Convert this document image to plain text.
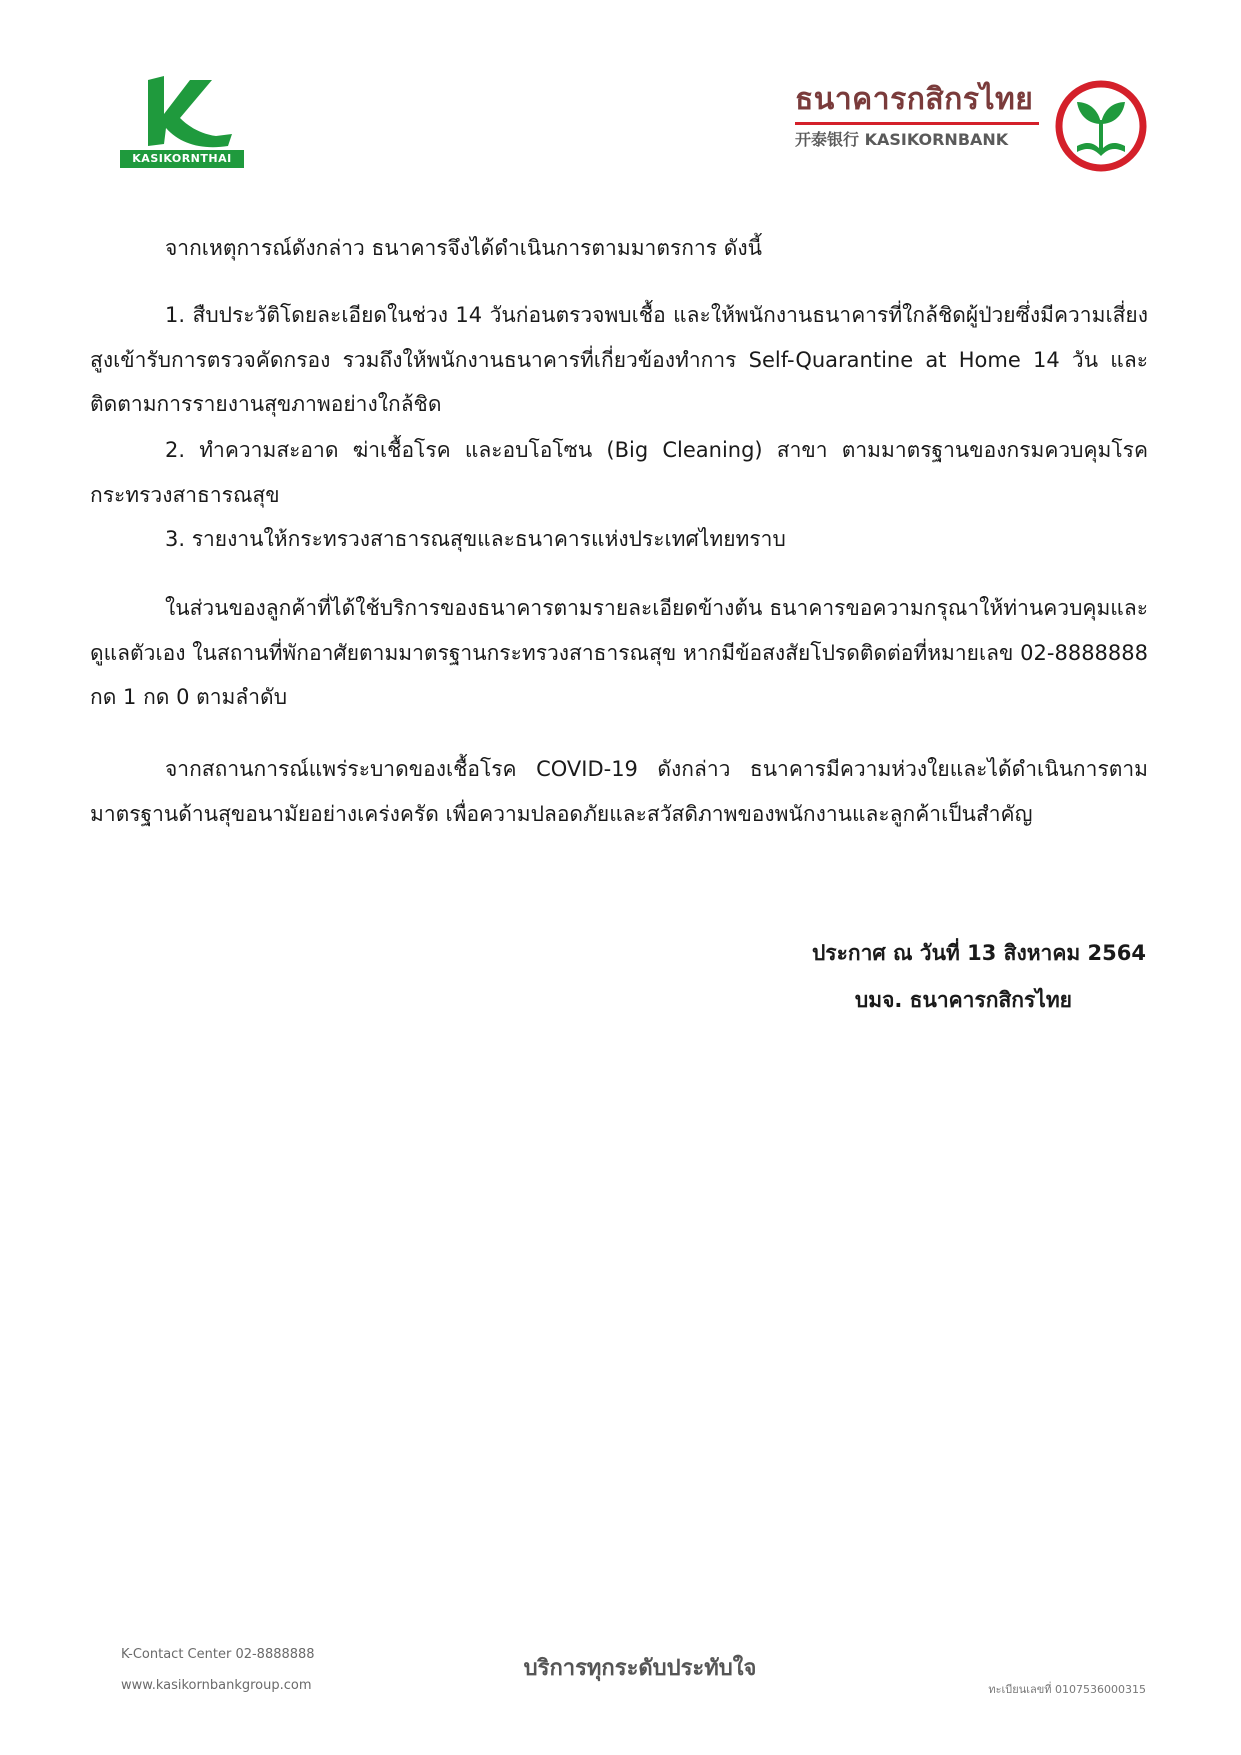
KASIKORNTHAI
ธนาคารกสิกรไทย
开泰银行 KASIKORNBANK

จากเหตุการณ์ดังกล่าว ธนาคารจึงได้ดำเนินการตามมาตรการ ดังนี้

1. สืบประวัติโดยละเอียดในช่วง 14 วันก่อนตรวจพบเชื้อ และให้พนักงานธนาคารที่ใกล้ชิดผู้ป่วยซึ่งมีความเสี่ยงสูงเข้ารับการตรวจคัดกรอง รวมถึงให้พนักงานธนาคารที่เกี่ยวข้องทำการ Self-Quarantine at Home 14 วัน และติดตามการรายงานสุขภาพอย่างใกล้ชิด

2. ทำความสะอาด ฆ่าเชื้อโรค และอบโอโซน (Big Cleaning) สาขา ตามมาตรฐานของกรมควบคุมโรค กระทรวงสาธารณสุข

3. รายงานให้กระทรวงสาธารณสุขและธนาคารแห่งประเทศไทยทราบ

ในส่วนของลูกค้าที่ได้ใช้บริการของธนาคารตามรายละเอียดข้างต้น ธนาคารขอความกรุณาให้ท่านควบคุมและดูแลตัวเอง ในสถานที่พักอาศัยตามมาตรฐานกระทรวงสาธารณสุข หากมีข้อสงสัยโปรดติดต่อที่หมายเลข 02-8888888 กด 1 กด 0 ตามลำดับ

จากสถานการณ์แพร่ระบาดของเชื้อโรค COVID-19 ดังกล่าว ธนาคารมีความห่วงใยและได้ดำเนินการตามมาตรฐานด้านสุขอนามัยอย่างเคร่งครัด เพื่อความปลอดภัยและสวัสดิภาพของพนักงานและลูกค้าเป็นสำคัญ

ประกาศ ณ วันที่ 13 สิงหาคม 2564
บมจ. ธนาคารกสิกรไทย
K-Contact Center 02-8888888
www.kasikornbankgroup.com
บริการทุกระดับประทับใจ
ทะเบียนเลขที่ 0107536000315
